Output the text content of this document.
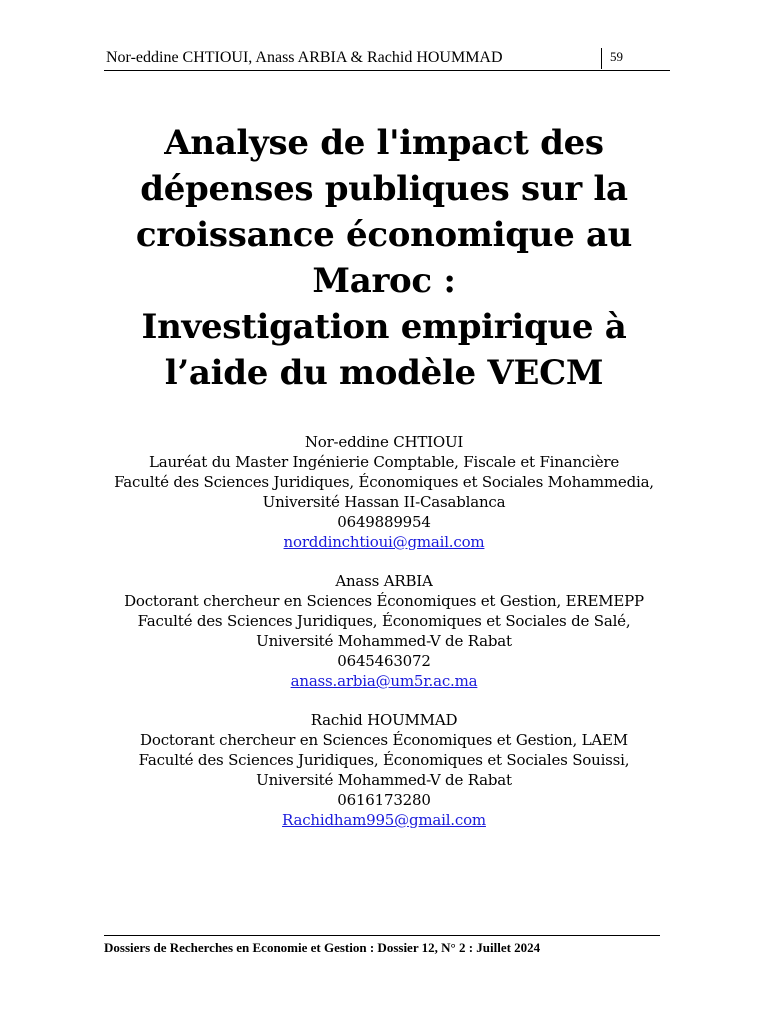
Nor-eddine CHTIOUI, Anass ARBIA & Rachid HOUMMAD	59
Analyse de l'impact des
dépenses publiques sur la
croissance économique au
Maroc :
Investigation empirique à
l’aide du modèle VECM
Nor-eddine CHTIOUI
Lauréat du Master Ingénierie Comptable, Fiscale et Financière
Faculté des Sciences Juridiques, Économiques et Sociales Mohammedia,
Université Hassan II-Casablanca
0649889954
norddinchtioui@gmail.com
Anass ARBIA
Doctorant chercheur en Sciences Économiques et Gestion, EREMEPP
Faculté des Sciences Juridiques, Économiques et Sociales de Salé,
Université Mohammed-V de Rabat
0645463072
anass.arbia@um5r.ac.ma
Rachid HOUMMAD
Doctorant chercheur en Sciences Économiques et Gestion, LAEM
Faculté des Sciences Juridiques, Économiques et Sociales Souissi,
Université Mohammed-V de Rabat
0616173280
Rachidham995@gmail.com
Dossiers de Recherches en Economie et Gestion : Dossier 12, N° 2 : Juillet 2024
